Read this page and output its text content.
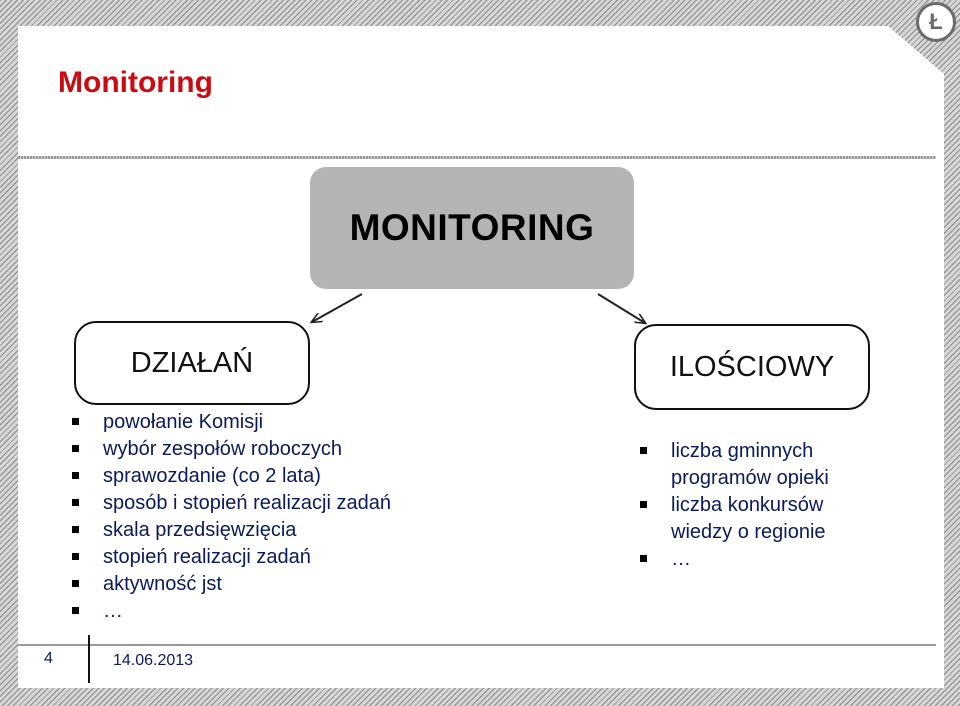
Ł
Monitoring
MONITORING
DZIAŁAŃ	ILOŚCIOWY
powołanie Komisji
wybór zespołów roboczych
sprawozdanie (co 2 lata)
sposób i stopień realizacji zadań
skala przedsięwzięcia
stopień realizacji zadań
aktywność jst
…
liczba gminnych
programów opieki
liczba konkursów
wiedzy o regionie
…
4	14.06.2013
